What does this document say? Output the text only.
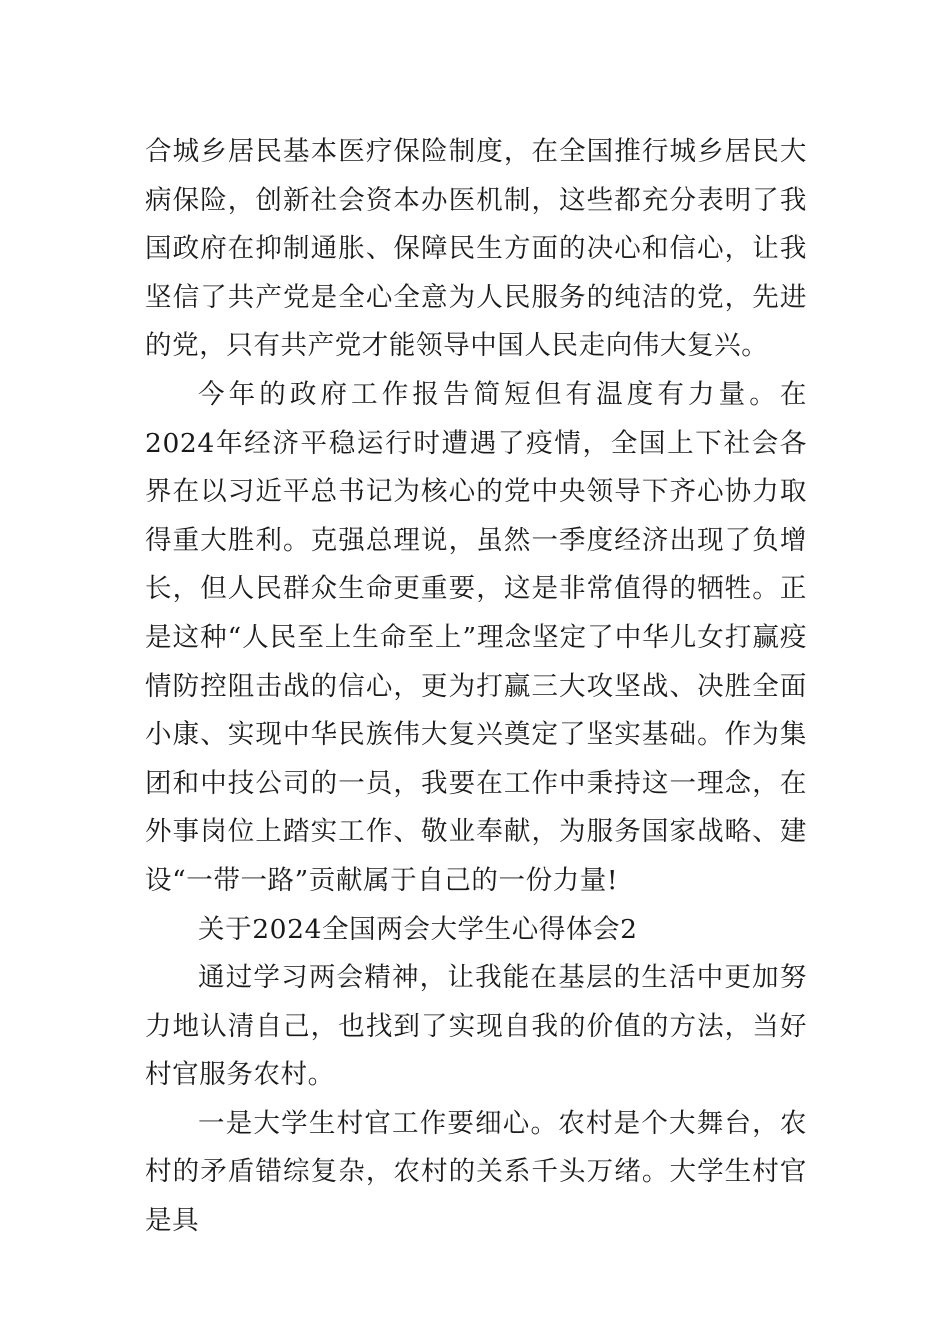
合城乡居民基本医疗保险制度，在全国推行城乡居民大病保险，创新社会资本办医机制，这些都充分表明了我国政府在抑制通胀、保障民生方面的决心和信心，让我坚信了共产党是全心全意为人民服务的纯洁的党，先进的党，只有共产党才能领导中国人民走向伟大复兴。

今年的政府工作报告简短但有温度有力量。在2024年经济平稳运行时遭遇了疫情，全国上下社会各界在以习近平总书记为核心的党中央领导下齐心协力取得重大胜利。克强总理说，虽然一季度经济出现了负增长，但人民群众生命更重要，这是非常值得的牺牲。正是这种“人民至上生命至上”理念坚定了中华儿女打赢疫情防控阻击战的信心，更为打赢三大攻坚战、决胜全面小康、实现中华民族伟大复兴奠定了坚实基础。作为集团和中技公司的一员，我要在工作中秉持这一理念，在外事岗位上踏实工作、敬业奉献，为服务国家战略、建设“一带一路”贡献属于自己的一份力量!

关于2024全国两会大学生心得体会2

通过学习两会精神，让我能在基层的生活中更加努力地认清自己，也找到了实现自我的价值的方法，当好村官服务农村。

一是大学生村官工作要细心。农村是个大舞台，农村的矛盾错综复杂，农村的关系千头万绪。大学生村官是具
